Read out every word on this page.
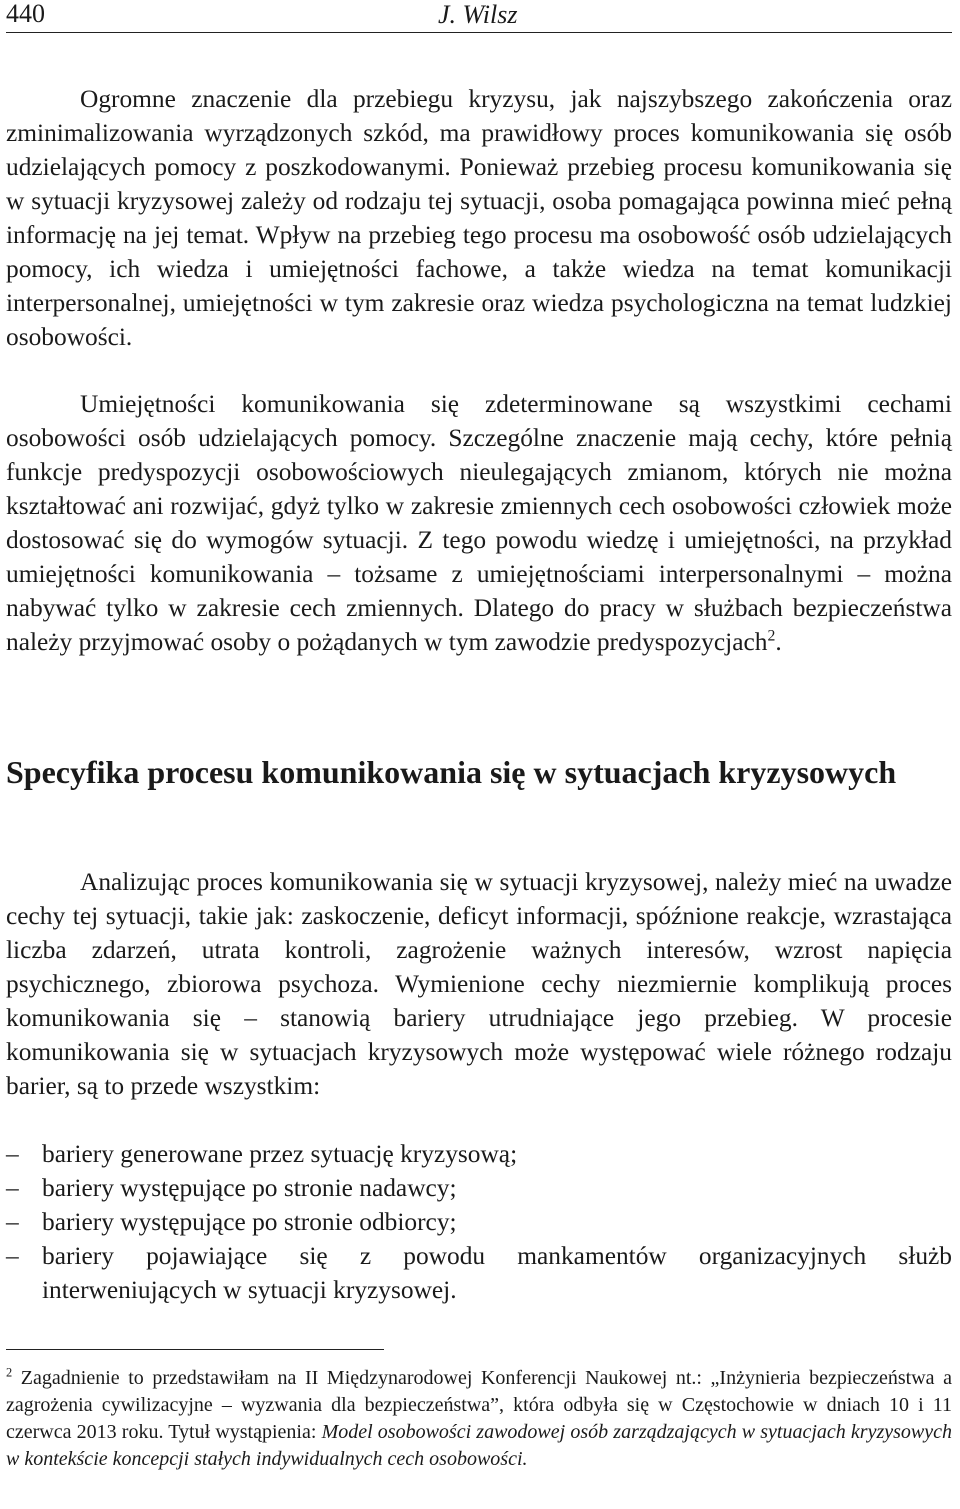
440	J. Wilsz

Ogromne znaczenie dla przebiegu kryzysu, jak najszybszego zakończenia oraz zminimalizowania wyrządzonych szkód, ma prawidłowy proces komunikowania się osób udzielających pomocy z poszkodowanymi. Ponieważ przebieg procesu komunikowania się w sytuacji kryzysowej zależy od rodzaju tej sytuacji, osoba pomagająca powinna mieć pełną informację na jej temat. Wpływ na przebieg tego procesu ma osobowość osób udzielających pomocy, ich wiedza i umiejętności fachowe, a także wiedza na temat komunikacji interpersonalnej, umiejętności w tym zakresie oraz wiedza psychologiczna na temat ludzkiej osobowości.

Umiejętności komunikowania się zdeterminowane są wszystkimi cechami osobowości osób udzielających pomocy. Szczególne znaczenie mają cechy, które pełnią funkcje predyspozycji osobowościowych nieulegających zmianom, których nie można kształtować ani rozwijać, gdyż tylko w zakresie zmiennych cech osobowości człowiek może dostosować się do wymogów sytuacji. Z tego powodu wiedzę i umiejętności, na przykład umiejętności komunikowania – tożsame z umiejętnościami interpersonalnymi – można nabywać tylko w zakresie cech zmiennych. Dlatego do pracy w służbach bezpieczeństwa należy przyjmować osoby o pożądanych w tym zawodzie predyspozycjach$^2$.

Specyfika procesu komunikowania się w sytuacjach kryzysowych

Analizując proces komunikowania się w sytuacji kryzysowej, należy mieć na uwadze cechy tej sytuacji, takie jak: zaskoczenie, deficyt informacji, spóźnione reakcje, wzrastająca liczba zdarzeń, utrata kontroli, zagrożenie ważnych interesów, wzrost napięcia psychicznego, zbiorowa psychoza. Wymienione cechy niezmiernie komplikują proces komunikowania się – stanowią bariery utrudniające jego przebieg. W procesie komunikowania się w sytuacjach kryzysowych może występować wiele różnego rodzaju barier, są to przede wszystkim:

– bariery generowane przez sytuację kryzysową;
– bariery występujące po stronie nadawcy;
– bariery występujące po stronie odbiorcy;
– bariery pojawiające się z powodu mankamentów organizacyjnych służb interweniujących w sytuacji kryzysowej.

$^2$ Zagadnienie to przedstawiłam na II Międzynarodowej Konferencji Naukowej nt.: „Inżynieria bezpieczeństwa a zagrożenia cywilizacyjne – wyzwania dla bezpieczeństwa”, która odbyła się w Częstochowie w dniach 10 i 11 czerwca 2013 roku. Tytuł wystąpienia: Model osobowości zawodowej osób zarządzających w sytuacjach kryzysowych w kontekście koncepcji stałych indywidualnych cech osobowości.
